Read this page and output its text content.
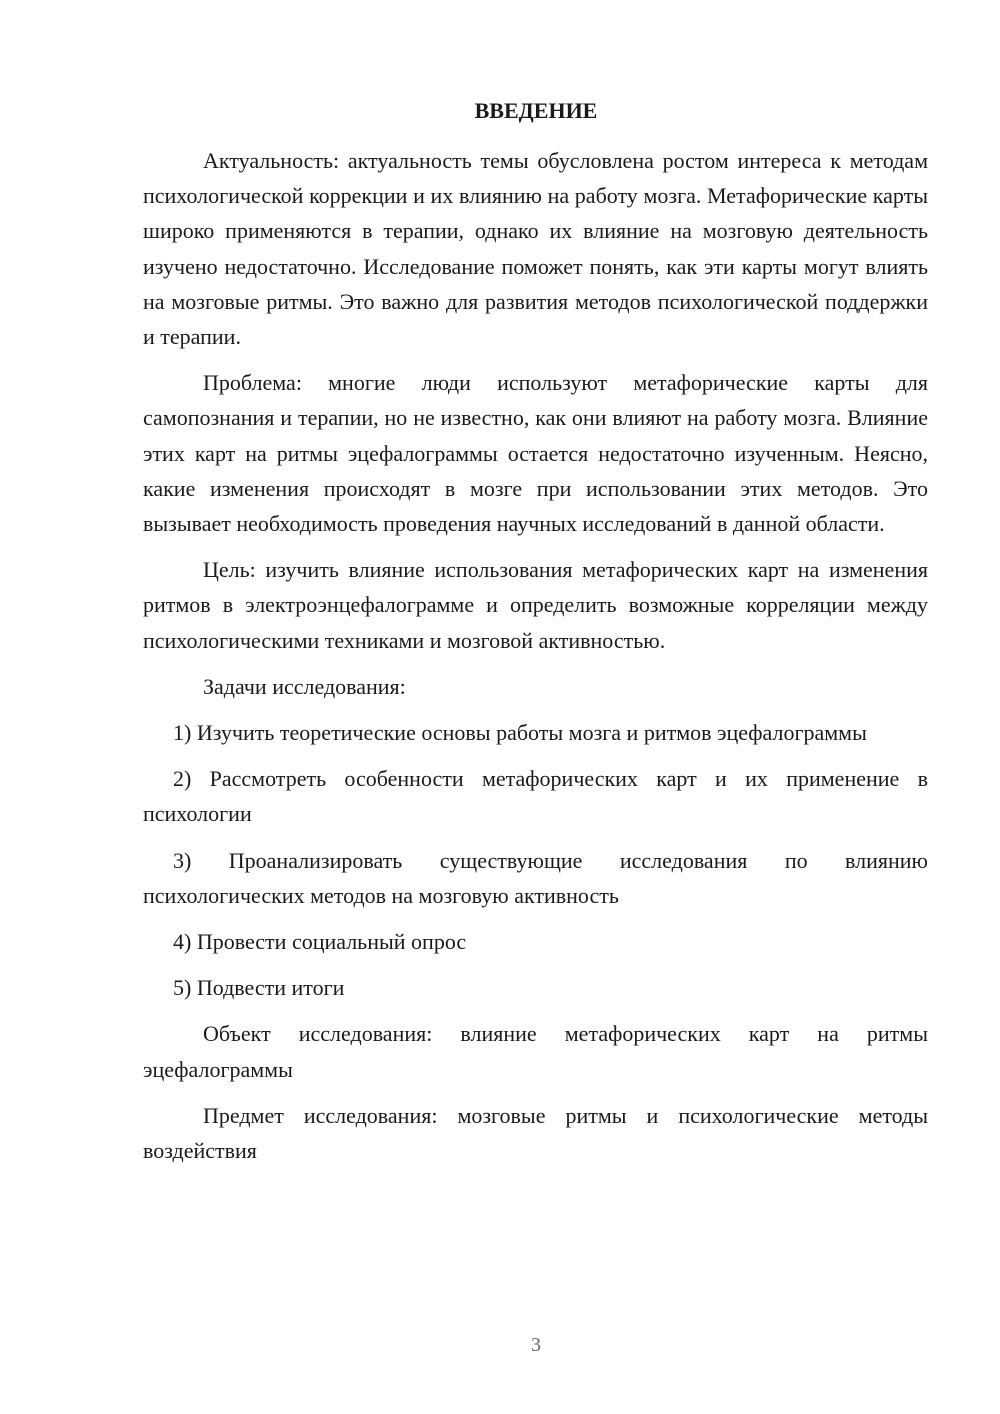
ВВЕДЕНИЕ

Актуальность: актуальность темы обусловлена ростом интереса к методам психологической коррекции и их влиянию на работу мозга. Метафорические карты широко применяются в терапии, однако их влияние на мозговую деятельность изучено недостаточно. Исследование поможет понять, как эти карты могут влиять на мозговые ритмы. Это важно для развития методов психологической поддержки и терапии.

Проблема: многие люди используют метафорические карты для самопознания и терапии, но не известно, как они влияют на работу мозга. Влияние этих карт на ритмы эцефалограммы остается недостаточно изученным. Неясно, какие изменения происходят в мозге при использовании этих методов. Это вызывает необходимость проведения научных исследований в данной области.

Цель: изучить влияние использования метафорических карт на изменения ритмов в электроэнцефалограмме и определить возможные корреляции между психологическими техниками и мозговой активностью.

Задачи исследования:

1) Изучить теоретические основы работы мозга и ритмов эцефалограммы

2) Рассмотреть особенности метафорических карт и их применение в психологии

3) Проанализировать существующие исследования по влиянию психологических методов на мозговую активность

4) Провести социальный опрос

5) Подвести итоги

Объект исследования: влияние метафорических карт на ритмы эцефалограммы

Предмет исследования: мозговые ритмы и психологические методы воздействия

3
